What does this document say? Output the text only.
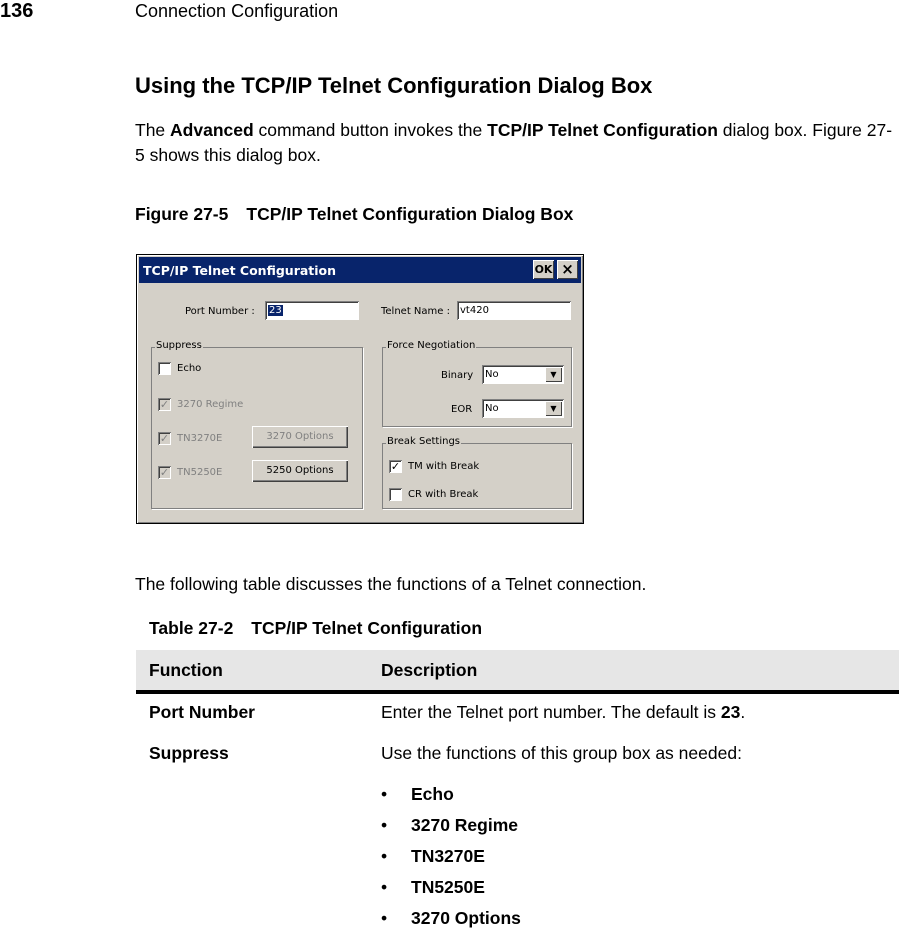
136	Connection Configuration
Using the TCP/IP Telnet Configuration Dialog Box
The Advanced command button invokes the TCP/IP Telnet Configuration dialog box. Figure 27-5 shows this dialog box.
Figure 27-5 TCP/IP Telnet Configuration Dialog Box
TCP/IP Telnet Configuration	OK ×
Port Number :	23	Telnet Name :	vt420
Suppress
Echo
✓ 3270 Regime
✓ TN3270E	3270 Options
✓ TN5250E	5250 Options
Force Negotiation
Binary	No	▼
EOR	No	▼
Break Settings
✓ TM with Break
CR with Break
The following table discusses the functions of a Telnet connection.
Table 27-2 TCP/IP Telnet Configuration
Function	Description
Port Number	Enter the Telnet port number. The default is 23.
Suppress	Use the functions of this group box as needed:
• Echo
• 3270 Regime
• TN3270E
• TN5250E
• 3270 Options
